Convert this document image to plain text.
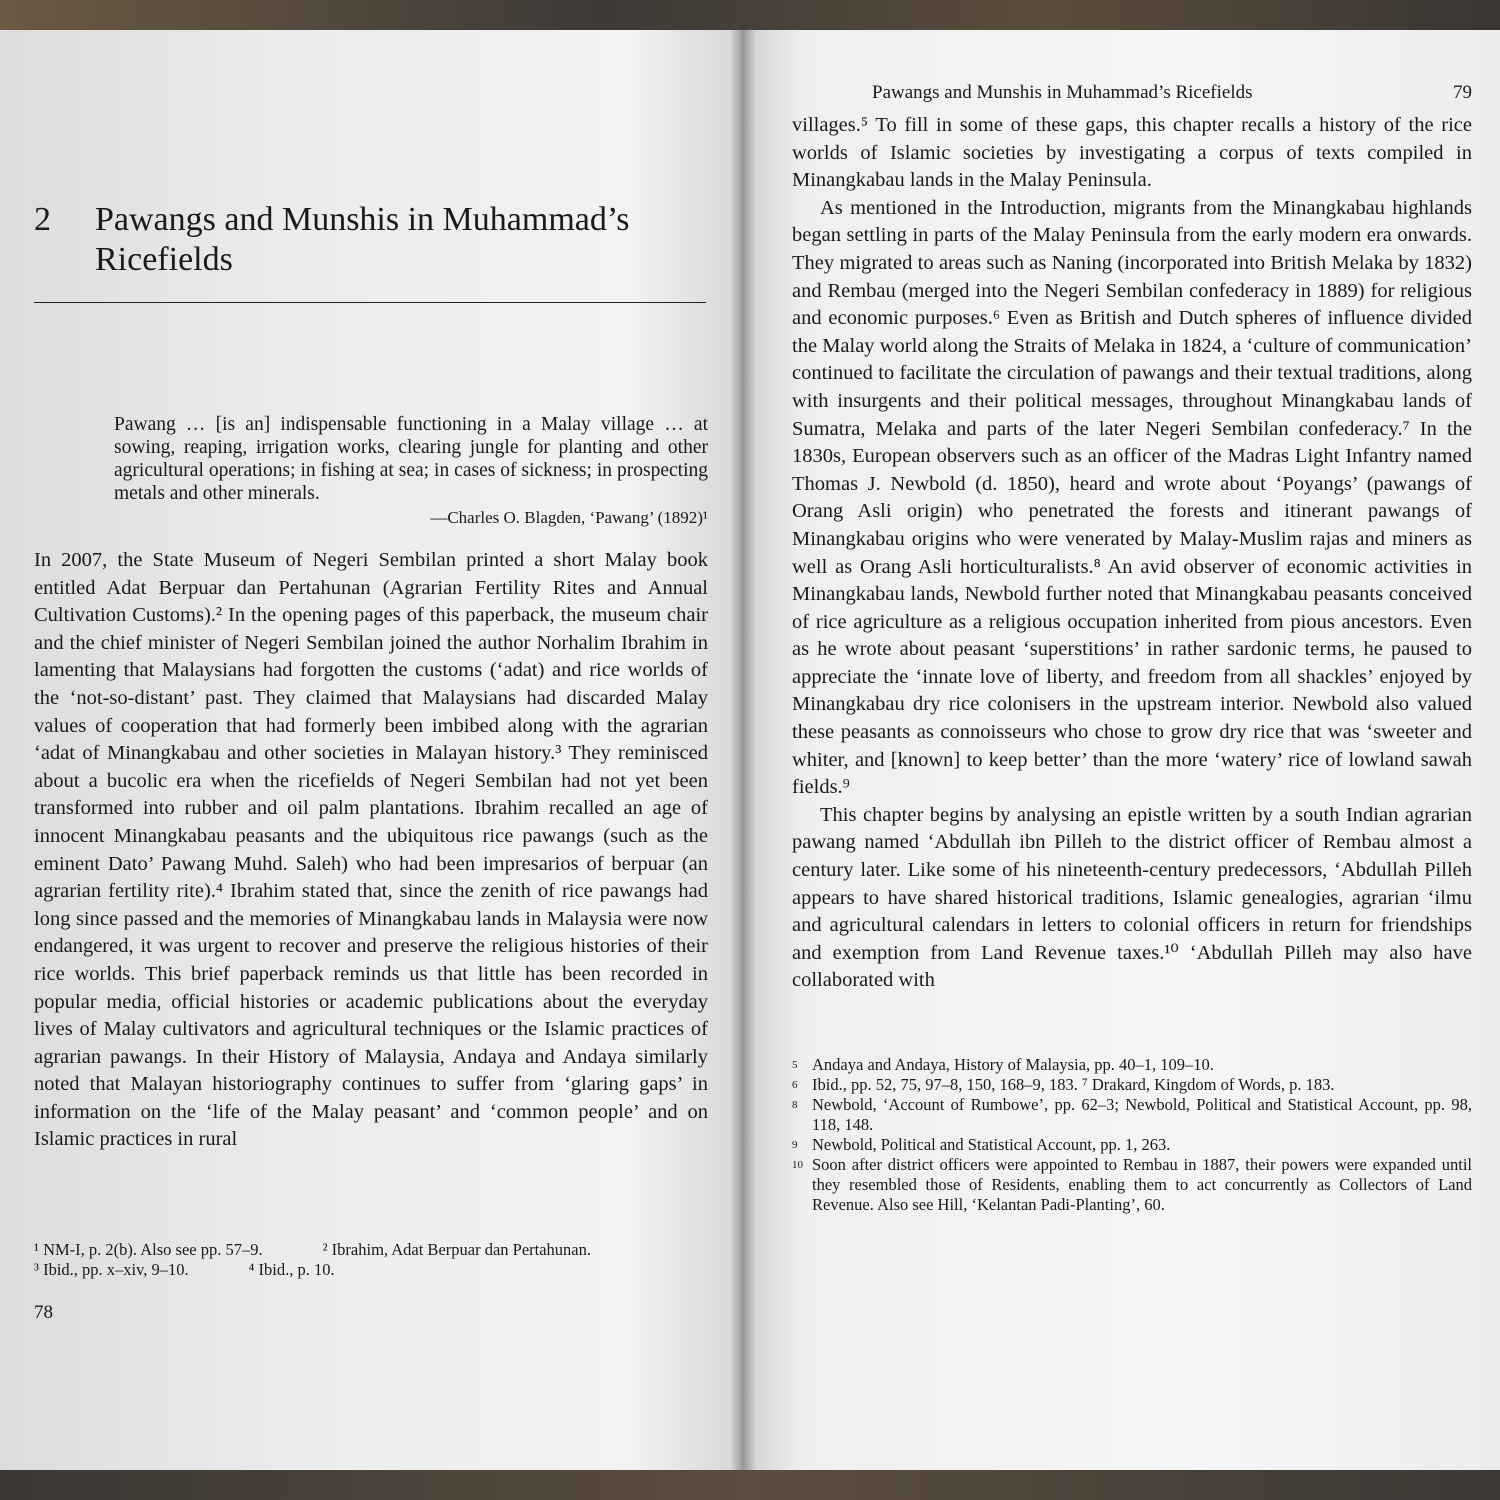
2 Pawangs and Munshis in Muhammad’s Ricefields
Pawang … [is an] indispensable functioning in a Malay village … at sowing, reaping, irrigation works, clearing jungle for planting and other agricultural operations; in fishing at sea; in cases of sickness; in prospecting metals and other minerals.
—Charles O. Blagden, ‘Pawang’ (1892)¹

In 2007, the State Museum of Negeri Sembilan printed a short Malay book entitled Adat Berpuar dan Pertahunan (Agrarian Fertility Rites and Annual Cultivation Customs).² In the opening pages of this paperback, the museum chair and the chief minister of Negeri Sembilan joined the author Norhalim Ibrahim in lamenting that Malaysians had forgotten the customs (‘adat) and rice worlds of the ‘not-so-distant’ past. They claimed that Malaysians had discarded Malay values of cooperation that had formerly been imbibed along with the agrarian ‘adat of Minangkabau and other societies in Malayan history.³ They reminisced about a bucolic era when the ricefields of Negeri Sembilan had not yet been transformed into rubber and oil palm plantations. Ibrahim recalled an age of innocent Minangkabau peasants and the ubiquitous rice pawangs (such as the eminent Dato’ Pawang Muhd. Saleh) who had been impresarios of berpuar (an agrarian fertility rite).⁴ Ibrahim stated that, since the zenith of rice pawangs had long since passed and the memories of Minangkabau lands in Malaysia were now endangered, it was urgent to recover and preserve the religious histories of their rice worlds. This brief paperback reminds us that little has been recorded in popular media, official histories or academic publications about the everyday lives of Malay cultivators and agricultural techniques or the Islamic practices of agrarian pawangs. In their History of Malaysia, Andaya and Andaya similarly noted that Malayan historiography continues to suffer from ‘glaring gaps’ in information on the ‘life of the Malay peasant’ and ‘common people’ and on Islamic practices in rural

¹ NM-I, p. 2(b). Also see pp. 57–9.	² Ibrahim, Adat Berpuar dan Pertahunan.
³ Ibid., pp. x–xiv, 9–10.	⁴ Ibid., p. 10.
78
Pawangs and Munshis in Muhammad’s Ricefields	79

villages.⁵ To fill in some of these gaps, this chapter recalls a history of the rice worlds of Islamic societies by investigating a corpus of texts compiled in Minangkabau lands in the Malay Peninsula.

As mentioned in the Introduction, migrants from the Minangkabau highlands began settling in parts of the Malay Peninsula from the early modern era onwards. They migrated to areas such as Naning (incorporated into British Melaka by 1832) and Rembau (merged into the Negeri Sembilan confederacy in 1889) for religious and economic purposes.⁶ Even as British and Dutch spheres of influence divided the Malay world along the Straits of Melaka in 1824, a ‘culture of communication’ continued to facilitate the circulation of pawangs and their textual traditions, along with insurgents and their political messages, throughout Minangkabau lands of Sumatra, Melaka and parts of the later Negeri Sembilan confederacy.⁷ In the 1830s, European observers such as an officer of the Madras Light Infantry named Thomas J. Newbold (d. 1850), heard and wrote about ‘Poyangs’ (pawangs of Orang Asli origin) who penetrated the forests and itinerant pawangs of Minangkabau origins who were venerated by Malay-Muslim rajas and miners as well as Orang Asli horticulturalists.⁸ An avid observer of economic activities in Minangkabau lands, Newbold further noted that Minangkabau peasants conceived of rice agriculture as a religious occupation inherited from pious ancestors. Even as he wrote about peasant ‘superstitions’ in rather sardonic terms, he paused to appreciate the ‘innate love of liberty, and freedom from all shackles’ enjoyed by Minangkabau dry rice colonisers in the upstream interior. Newbold also valued these peasants as connoisseurs who chose to grow dry rice that was ‘sweeter and whiter, and [known] to keep better’ than the more ‘watery’ rice of lowland sawah fields.⁹

This chapter begins by analysing an epistle written by a south Indian agrarian pawang named ‘Abdullah ibn Pilleh to the district officer of Rembau almost a century later. Like some of his nineteenth-century predecessors, ‘Abdullah Pilleh appears to have shared historical traditions, Islamic genealogies, agrarian ‘ilmu and agricultural calendars in letters to colonial officers in return for friendships and exemption from Land Revenue taxes.¹⁰ ‘Abdullah Pilleh may also have collaborated with

5 Andaya and Andaya, History of Malaysia, pp. 40–1, 109–10.
6 Ibid., pp. 52, 75, 97–8, 150, 168–9, 183. ⁷ Drakard, Kingdom of Words, p. 183.
8 Newbold, ‘Account of Rumbowe’, pp. 62–3; Newbold, Political and Statistical Account, pp. 98, 118, 148.
9 Newbold, Political and Statistical Account, pp. 1, 263.
10 Soon after district officers were appointed to Rembau in 1887, their powers were expanded until they resembled those of Residents, enabling them to act concurrently as Collectors of Land Revenue. Also see Hill, ‘Kelantan Padi-Planting’, 60.
